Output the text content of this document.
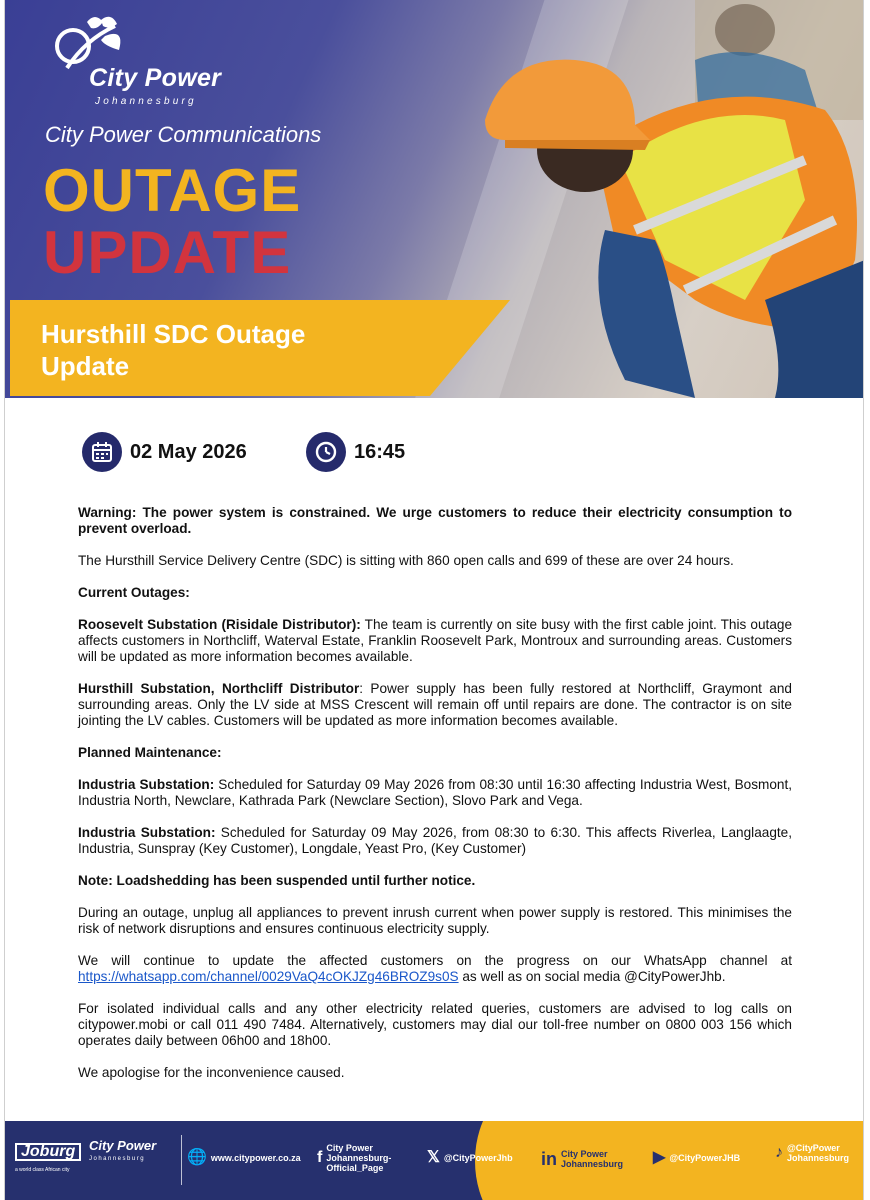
City Power
Johannesburg
City Power Communications
OUTAGE
UPDATE
Hursthill SDC Outage Update
02 May 2026	16:45

Warning: The power system is constrained. We urge customers to reduce their electricity consumption to prevent overload.

The Hursthill Service Delivery Centre (SDC) is sitting with 860 open calls and 699 of these are over 24 hours.

Current Outages:

Roosevelt Substation (Risidale Distributor): The team is currently on site busy with the first cable joint. This outage affects customers in Northcliff, Waterval Estate, Franklin Roosevelt Park, Montroux and surrounding areas. Customers will be updated as more information becomes available.

Hursthill Substation, Northcliff Distributor: Power supply has been fully restored at Northcliff, Graymont and surrounding areas. Only the LV side at MSS Crescent will remain off until repairs are done. The contractor is on site jointing the LV cables. Customers will be updated as more information becomes available.

Planned Maintenance:

Industria Substation: Scheduled for Saturday 09 May 2026 from 08:30 until 16:30 affecting Industria West, Bosmont, Industria North, Newclare, Kathrada Park (Newclare Section), Slovo Park and Vega.

Industria Substation: Scheduled for Saturday 09 May 2026, from 08:30 to 6:30. This affects Riverlea, Langlaagte, Industria, Sunspray (Key Customer), Longdale, Yeast Pro, (Key Customer)

Note: Loadshedding has been suspended until further notice.

During an outage, unplug all appliances to prevent inrush current when power supply is restored. This minimises the risk of network disruptions and ensures continuous electricity supply.

We will continue to update the affected customers on the progress on our WhatsApp channel at https://whatsapp.com/channel/0029VaQ4cOKJZg46BROZ9s0S as well as on social media @CityPowerJhb.

For isolated individual calls and any other electricity related queries, customers are advised to log calls on citypower.mobi or call 011 490 7484. Alternatively, customers may dial our toll-free number on 0800 003 156 which operates daily between 06h00 and 18h00.

We apologise for the inconvenience caused.

Joburg
a world class African city
City Power
Johannesburg	🌐 www.citypower.co.za f
City Power Johannesburg-Official_Page
𝕏 @CityPowerJhb in City Power Johannesburg	▶ @CityPowerJHB ♪ @CityPower Johannesburg
